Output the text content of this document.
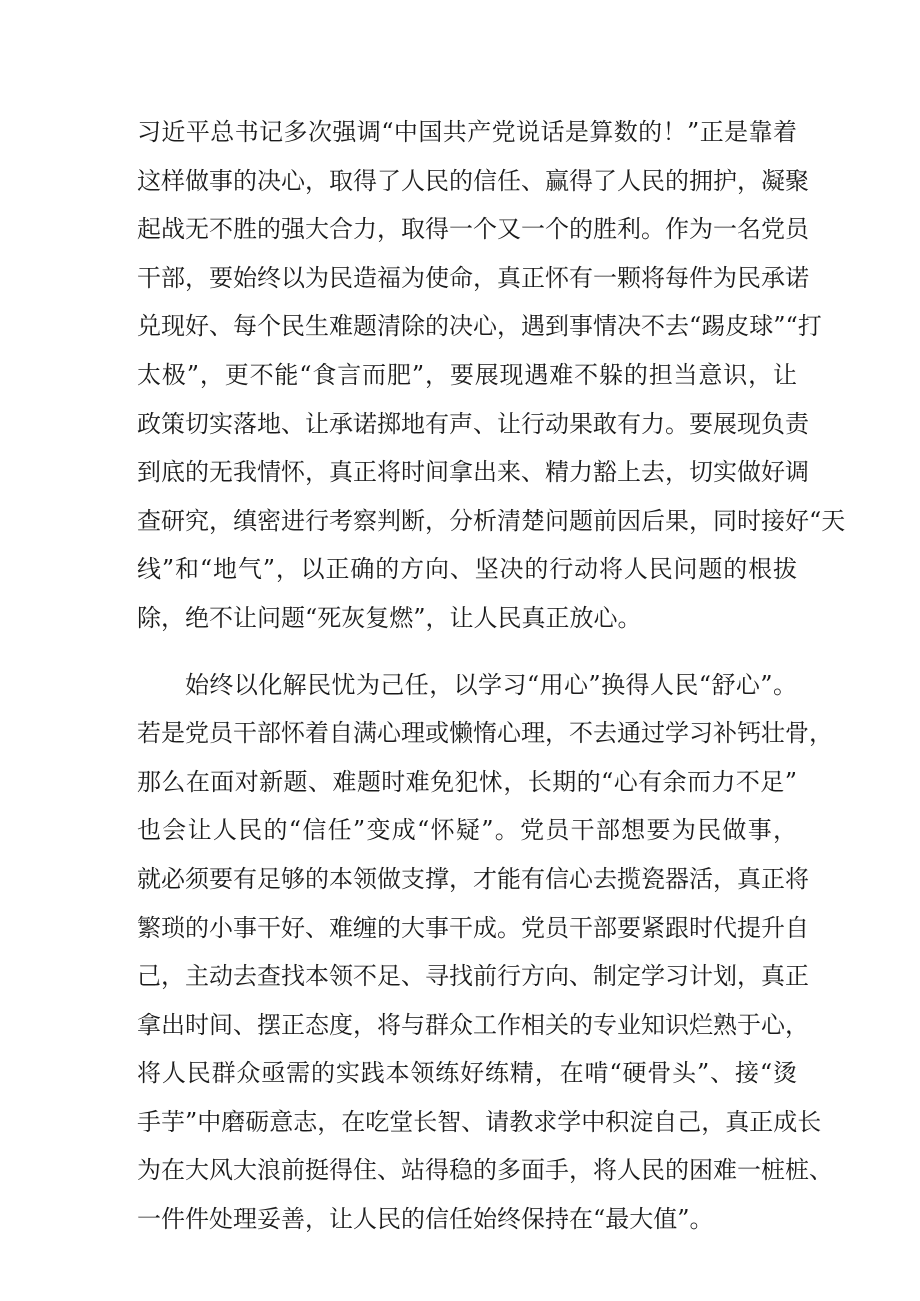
习近平总书记多次强调“中国共产党说话是算数的！”正是靠着
这样做事的决心，取得了人民的信任、赢得了人民的拥护，凝聚
起战无不胜的强大合力，取得一个又一个的胜利。作为一名党员
干部，要始终以为民造福为使命，真正怀有一颗将每件为民承诺
兑现好、每个民生难题清除的决心，遇到事情决不去“踢皮球”“打
太极”，更不能“食言而肥”，要展现遇难不躲的担当意识，让
政策切实落地、让承诺掷地有声、让行动果敢有力。要展现负责
到底的无我情怀，真正将时间拿出来、精力豁上去，切实做好调
查研究，缜密进行考察判断，分析清楚问题前因后果，同时接好“天
线”和“地气”，以正确的方向、坚决的行动将人民问题的根拔
除，绝不让问题“死灰复燃”，让人民真正放心。
始终以化解民忧为己任，以学习“用心”换得人民“舒心”。
若是党员干部怀着自满心理或懒惰心理，不去通过学习补钙壮骨，
那么在面对新题、难题时难免犯怵，长期的“心有余而力不足”
也会让人民的“信任”变成“怀疑”。党员干部想要为民做事，
就必须要有足够的本领做支撑，才能有信心去揽瓷器活，真正将
繁琐的小事干好、难缠的大事干成。党员干部要紧跟时代提升自
己，主动去查找本领不足、寻找前行方向、制定学习计划，真正
拿出时间、摆正态度，将与群众工作相关的专业知识烂熟于心，
将人民群众亟需的实践本领练好练精，在啃“硬骨头”、接“烫
手芋”中磨砺意志，在吃堂长智、请教求学中积淀自己，真正成长
为在大风大浪前挺得住、站得稳的多面手，将人民的困难一桩桩、
一件件处理妥善，让人民的信任始终保持在“最大值”。
